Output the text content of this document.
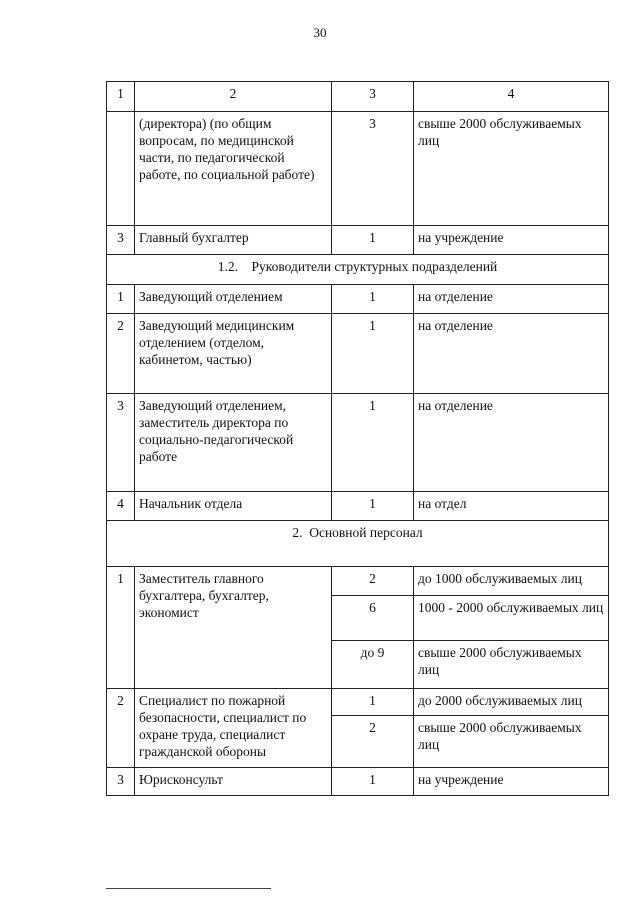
30
1	2	3	4
	(директора) (по общим вопросам, по медицинской части, по педагогической работе, по социальной работе)	3	свыше 2000 обслуживаемых лиц
3	Главный бухгалтер	1	на учреждение
1.2.    Руководители структурных подразделений			
1	Заведующий отделением	1	на отделение
2	Заведующий медицинским отделением (отделом, кабинетом, частью)	1	на отделение
3	Заведующий отделением, заместитель директора по социально-педагогической работе	1	на отделение
4	Начальник отдела	1	на отдел
2.  Основной персонал			
1	Заместитель главного бухгалтера, бухгалтер, экономист	2	до 1000 обслуживаемых лиц
		6	1000 - 2000 обслуживаемых лиц
		до 9	свыше 2000 обслуживаемых лиц
2	Специалист по пожарной безопасности, специалист по охране труда, специалист гражданской обороны	1	до 2000 обслуживаемых лиц
		2	свыше 2000 обслуживаемых лиц
3	Юрисконсульт	1	на учреждение
